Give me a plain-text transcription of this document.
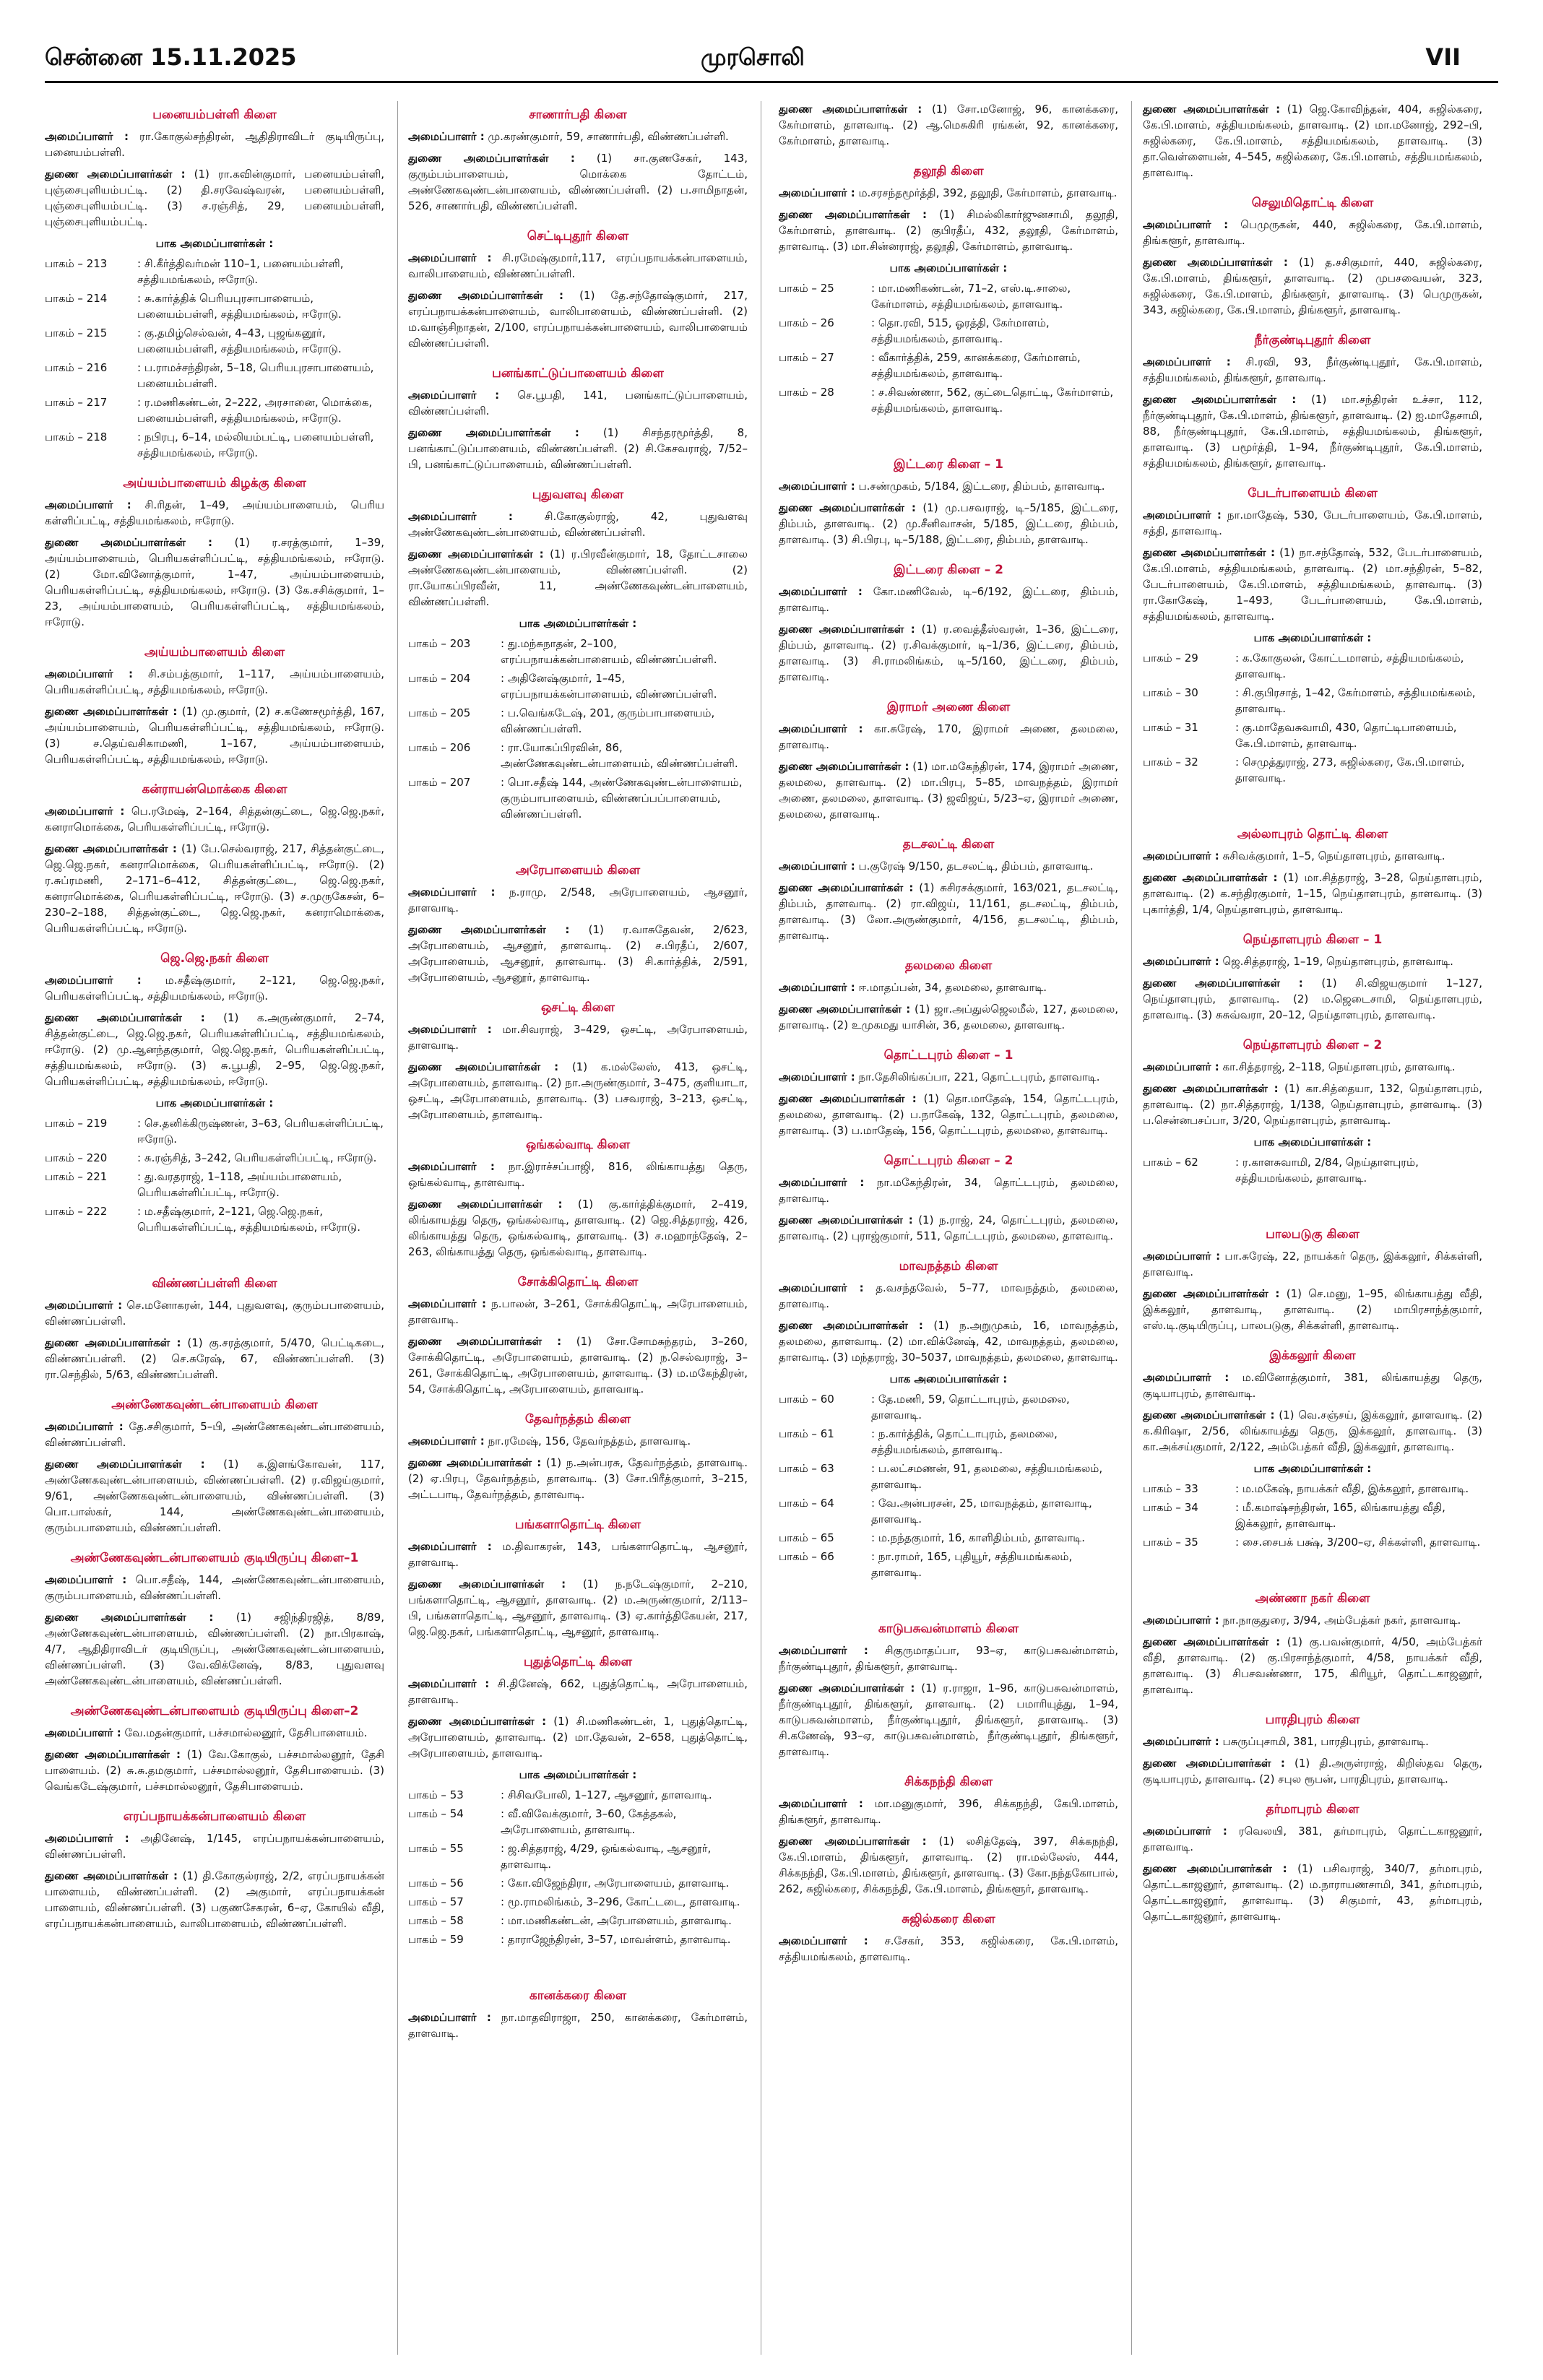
முரசொலி
சென்னை 15.11.2025	VII
பனையம்பள்ளி கிளை
அமைப்பாளர் : ரா.கோகுல்சந்திரன், ஆதிதிராவிடர் குடியிருப்பு, பனையம்பள்ளி.
துணை அமைப்பாளர்கள் : (1) ரா.கவின்குமார், பனையம்பள்ளி, புஞ்சைபுளியம்பட்டி. (2) தி.சரவேஷ்வரன், பனையம்பள்ளி, புஞ்சைபுளியம்பட்டி. (3) ச.ரஞ்சித், 29, பனையம்பள்ளி, புஞ்சைபுளியம்பட்டி.
பாக அமைப்பாளர்கள் :
பாகம் – 213	: சி.கீர்த்திவர்மன் 110–1, பனையம்பள்ளி, சத்தியமங்கலம், ஈரோடு.
பாகம் – 214	: சு.கார்த்திக் பெரியபுரசாபாளையம், பனையம்பள்ளி, சத்தியமங்கலம், ஈரோடு.
பாகம் – 215	: கு.தமிழ்செல்வன், 4–43, புஜங்கனூர், பனையம்பள்ளி, சத்தியமங்கலம், ஈரோடு.
பாகம் – 216	: ப.ராமச்சந்திரன், 5–18, பெரியபுரசாபாளையம், பனையம்பள்ளி.
பாகம் – 217	: ர.மணிகண்டன், 2–222, அரசானை, மொக்கை, பனையம்பள்ளி, சத்தியமங்கலம், ஈரோடு.
பாகம் – 218	: நபிரபு, 6–14, மல்லியம்பட்டி, பனையம்பள்ளி, சத்தியமங்கலம், ஈரோடு.
அய்யம்பாளையம் கிழக்கு கிளை
அமைப்பாளர் : சி.ரிதன், 1–49, அய்யம்பாளையம், பெரிய கள்ளிப்பட்டி, சத்தியமங்கலம், ஈரோடு.
துணை அமைப்பாளர்கள் : (1) ர.சரத்குமார், 1–39, அய்யம்பாளையம், பெரியகள்ளிப்பட்டி, சத்தியமங்கலம், ஈரோடு. (2) மோ.வினோத்குமார், 1–47, அய்யம்பாளையம், பெரியகள்ளிப்பட்டி, சத்தியமங்கலம், ஈரோடு. (3) கே.சசிக்குமார், 1–23, அய்யம்பாளையம், பெரியகள்ளிப்பட்டி, சத்தியமங்கலம், ஈரோடு.
அய்யம்பாளையம் கிளை
அமைப்பாளர் : சி.சம்பத்குமார், 1–117, அய்யம்பாளையம், பெரியகள்ளிப்பட்டி, சத்தியமங்கலம், ஈரோடு.
துணை அமைப்பாளர்கள் : (1) மு.குமார், (2) ச.கணேசமூர்த்தி, 167, அய்யம்பாளையம், பெரியகள்ளிப்பட்டி, சத்தியமங்கலம், ஈரோடு. (3) ச.தெய்வசிகாமணி, 1–167, அய்யம்பாளையம், பெரியகள்ளிப்பட்டி, சத்தியமங்கலம், ஈரோடு.
கன்ராயன்மொக்கை கிளை
அமைப்பாளர் : பெ.ரமேஷ், 2–164, சித்தன்குட்டை, ஜெ.ஜெ.நகர், கனராமொக்கை, பெரியகள்ளிப்பட்டி, ஈரோடு.
துணை அமைப்பாளர்கள் : (1) பே.செல்வராஜ், 217, சித்தன்குட்டை, ஜெ.ஜெ.நகர், கனராமொக்கை, பெரியகள்ளிப்பட்டி, ஈரோடு. (2) ர.சுப்ரமணி, 2–171–6–412, சித்தன்குட்டை, ஜெ.ஜெ.நகர், கனராமொக்கை, பெரியகள்ளிப்பட்டி, ஈரோடு. (3) ச.முருகேசன், 6–230–2–188, சித்தன்குட்டை, ஜெ.ஜெ.நகர், கனராமொக்கை, பெரியகள்ளிப்பட்டி, ஈரோடு.
ஜெ.ஜெ.நகர் கிளை
அமைப்பாளர் : ம.சதீஷ்குமார், 2–121, ஜெ.ஜெ.நகர், பெரியகள்ளிப்பட்டி, சத்தியமங்கலம், ஈரோடு.
துணை அமைப்பாளர்கள் : (1) க.அருண்குமார், 2–74, சித்தன்குட்டை, ஜெ.ஜெ.நகர், பெரியகள்ளிப்பட்டி, சத்தியமங்கலம், ஈரோடு. (2) மு.ஆனந்தகுமார், ஜெ.ஜெ.நகர், பெரியகள்ளிப்பட்டி, சத்தியமங்கலம், ஈரோடு. (3) சு.பூபதி, 2–95, ஜெ.ஜெ.நகர், பெரியகள்ளிப்பட்டி, சத்தியமங்கலம், ஈரோடு.
பாக அமைப்பாளர்கள் :
பாகம் – 219	: செ.தனிக்கிருஷ்ணன், 3–63, பெரியகள்ளிப்பட்டி, ஈரோடு.
பாகம் – 220	: சு.ரஞ்சித், 3–242, பெரியகள்ளிப்பட்டி, ஈரோடு.
பாகம் – 221	: து.வரதராஜ், 1–118, அய்யம்பாளையம், பெரியகள்ளிப்பட்டி, ஈரோடு.
பாகம் – 222	: ம.சதீஷ்குமார், 2–121, ஜெ.ஜெ.நகர், பெரியகள்ளிப்பட்டி, சத்தியமங்கலம், ஈரோடு.
விண்ணப்பள்ளி கிளை
அமைப்பாளர் : செ.மனோகரன், 144, புதுவளவு, குரும்பபாளையம், விண்ணப்பள்ளி.
துணை அமைப்பாளர்கள் : (1) கு.சரத்குமார், 5/470, பெட்டிகடை, விண்ணப்பள்ளி. (2) செ.சுரேஷ், 67, விண்ணப்பள்ளி. (3) ரா.செந்தில், 5/63, விண்ணப்பள்ளி.
அண்ணேகவுண்டன்பாளையம் கிளை
அமைப்பாளர் : தே.சசிகுமார், 5–பி, அண்ணேகவுண்டன்பாளையம், விண்ணப்பள்ளி.
துணை அமைப்பாளர்கள் : (1) க.இளங்கோவன், 117, அண்ணேகவுண்டன்பாளையம், விண்ணப்பள்ளி. (2) ர.விஜய்குமார், 9/61, அண்ணேகவுண்டன்பாளையம், விண்ணப்பள்ளி. (3) பொ.பாஸ்கர், 144, அண்ணேகவுண்டன்பாளையம், குரும்பபாளையம், விண்ணப்பள்ளி.
அண்ணேகவுண்டன்பாளையம் குடியிருப்பு கிளை–1
அமைப்பாளர் : பொ.சதீஷ், 144, அண்ணேகவுண்டன்பாளையம், குரும்பபாளையம், விண்ணப்பள்ளி.
துணை அமைப்பாளர்கள் : (1) சஜிந்திரஜித், 8/89, அண்ணேகவுண்டன்பாளையம், விண்ணப்பள்ளி. (2) நா.பிரகாஷ், 4/7, ஆதிதிராவிடர் குடியிருப்பு, அண்ணேகவுண்டன்பாளையம், விண்ணப்பள்ளி. (3) வே.விக்னேஷ், 8/83, புதுவளவு அண்ணேகவுண்டன்பாளையம், விண்ணப்பள்ளி.
அண்ணேகவுண்டன்பாளையம் குடியிருப்பு கிளை–2
அமைப்பாளர் : வே.மதன்குமார், பச்சமால்லனூர், தேசிபாளையம்.
துணை அமைப்பாளர்கள் : (1) வே.கோகுல், பச்சமால்லனூர், தேசி பாளையம். (2) சு.சு.தமகுமார், பச்சமால்லனூர், தேசிபாளையம். (3) வெங்கடேஷ்குமார், பச்சமால்லனூர், தேசிபாளையம்.
எரப்பநாயக்கன்பாளையம் கிளை
அமைப்பாளர் : அதினேஷ், 1/145, எரப்பநாயக்கன்பாளையம், விண்ணப்பள்ளி.
துணை அமைப்பாளர்கள் : (1) தி.கோகுல்ராஜ், 2/2, எரப்பநாயக்கன் பாளையம், விண்ணப்பள்ளி. (2) அகுமார், எரப்பநாயக்கன் பாளையம், விண்ணப்பள்ளி. (3) பகுணசேகரன், 6–ஏ, கோயில் வீதி, எரப்பநாயக்கன்பாளையம், வாலிபாளையம், விண்ணப்பள்ளி.
சாணார்பதி கிளை
அமைப்பாளர் : மு.கரண்குமார், 59, சாணார்பதி, விண்ணப்பள்ளி.
துணை அமைப்பாளர்கள் : (1) சா.குணசேகர், 143, குரும்பம்பாளையம், மொக்கை தோட்டம், அண்ணேகவுண்டன்பாளையம், விண்ணப்பள்ளி. (2) ப.சாமிநாதன், 526, சாணார்பதி, விண்ணப்பள்ளி.
செட்டிபுதூர் கிளை
அமைப்பாளர் : சி.ரமேஷ்குமார்,117, எரப்பநாயக்கன்பாளையம், வாலிபாளையம், விண்ணப்பள்ளி.
துணை அமைப்பாளர்கள் : (1) தே.சந்தோஷ்குமார், 217, எரப்பநாயக்கன்பாளையம், வாலிபாளையம், விண்ணப்பள்ளி. (2) ம.வாஞ்சிநாதன், 2/100, எரப்பநாயக்கன்பாளையம், வாலிபாளையம் விண்ணப்பள்ளி.
பனங்காட்டுப்பாளையம் கிளை
அமைப்பாளர் : செ.பூபதி, 141, பனங்காட்டுப்பாளையம், விண்ணப்பள்ளி.
துணை அமைப்பாளர்கள் : (1) சிசந்தரமூர்த்தி, 8, பனங்காட்டுப்பாளையம், விண்ணப்பள்ளி. (2) சி.கேசவராஜ், 7/52–பி, பனங்காட்டுப்பாளையம், விண்ணப்பள்ளி.
புதுவளவு கிளை
அமைப்பாளர் :	சி.கோகுல்ராஜ், 42, புதுவளவு அண்ணேகவுண்டன்பாளையம், விண்ணப்பள்ளி.
துணை அமைப்பாளர்கள் : (1) ர.பிரவீன்குமார், 18, தோட்டசாலை அண்ணேகவுண்டன்பாளையம், விண்ணப்பள்ளி. (2) ரா.யோகப்பிரவீன், 11, அண்ணேகவுண்டன்பாளையம், விண்ணப்பள்ளி.
பாக அமைப்பாளர்கள் :
பாகம் – 203	: து.மந்சுநாதன், 2–100, எரப்பநாயக்கன்பாளையம், விண்ணப்பள்ளி.
பாகம் – 204	: அதினேஷ்குமார், 1–45, எரப்பநாயக்கன்பாளையம், விண்ணப்பள்ளி.
பாகம் – 205	: ப.வெங்கடேஷ், 201, குரும்பாபாளையம், விண்ணப்பள்ளி.
பாகம் – 206	: ரா.யோகப்பிரவின், 86, அண்ணேகவுண்டன்பாளையம், விண்ணப்பள்ளி.
பாகம் – 207	: பொ.சதீஷ் 144, அண்ணேகவுண்டன்பாளையம், குரும்பாபாளையம், விண்ணப்பப்பாளையம், விண்ணப்பள்ளி.
அரேபாளையம் கிளை
அமைப்பாளர் : ந.ராமு, 2/548, அரேபாளையம், ஆசனூர், தாளவாடி.
துணை அமைப்பாளர்கள் : (1) ர.வாசுதேவன், 2/623, அரேபாளையம், ஆசனூர், தாளவாடி. (2) ச.பிரதீப், 2/607, அரேபாளையம், ஆசனூர், தாளவாடி. (3) சி.கார்த்திக், 2/591, அரேபாளையம், ஆசனூர், தாளவாடி.
ஒசட்டி கிளை
அமைப்பாளர் : மா.சிவராஜ், 3–429, ஒசட்டி, அரேபாளையம், தாளவாடி.
துணை அமைப்பாளர்கள் : (1) க.மல்லேஸ், 413, ஒசட்டி, அரேபாளையம், தாளவாடி. (2) நா.அருண்குமார், 3–475, குளியாடா, ஒசட்டி, அரேபாளையம், தாளவாடி. (3) பசவராஜ், 3–213, ஒசட்டி, அரேபாளையம், தாளவாடி.
ஒங்கல்வாடி கிளை
அமைப்பாளர் : நா.இராச்சப்பாஜி, 816, லிங்காயத்து தெரு, ஒங்கல்வாடி, தாளவாடி.
துணை அமைப்பாளர்கள் : (1) கு.கார்த்திக்குமார், 2–419, லிங்காயத்து தெரு, ஒங்கல்வாடி, தாளவாடி. (2) ஜெ.சித்தராஜ், 426, லிங்காயத்து தெரு, ஒங்கல்வாடி, தாளவாடி. (3) ச.மஹாந்தேஷ், 2–263, லிங்காயத்து தெரு, ஒங்கல்வாடி, தாளவாடி.
சோக்கிதொட்டி கிளை
அமைப்பாளர் : ந.பாலன், 3–261, சோக்கிதொட்டி, அரேபாளையம், தாளவாடி.
துணை அமைப்பாளர்கள் : (1) சோ.சோமசுந்தரம், 3–260, சோக்கிதொட்டி, அரேபாளையம், தாளவாடி. (2) ந.செல்வராஜ், 3–261, சோக்கிதொட்டி, அரேபாளையம், தாளவாடி. (3) ம.மகேந்திரன், 54, சோக்கிதொட்டி, அரேபாளையம், தாளவாடி.
தேவர்நத்தம் கிளை
அமைப்பாளர் : நா.ரமேஷ், 156, தேவர்நத்தம், தாளவாடி.
துணை அமைப்பாளர்கள் : (1) ந.அன்பரசு, தேவர்நத்தம், தாளவாடி. (2) ஏ.பிரபு, தேவர்நத்தம், தாளவாடி. (3) சோ.பிரீத்குமார், 3–215, அட்டபாடி, தேவர்நத்தம், தாளவாடி.
பங்களாதொட்டி கிளை
அமைப்பாளர் : ம.திவாகரன், 143, பங்களாதொட்டி, ஆசனூர், தாளவாடி.
துணை அமைப்பாளர்கள் : (1) ந.நடேஷ்குமார், 2–210, பங்களாதொட்டி, ஆசனூர், தாளவாடி. (2) ம.அருண்குமார், 2/113–பி, பங்களாதொட்டி, ஆசனூர், தாளவாடி. (3) ஏ.கார்த்திகேயன், 217, ஜெ.ஜெ.நகர், பங்களாதொட்டி, ஆசனூர், தாளவாடி.
புதுத்தொட்டி கிளை
அமைப்பாளர் : சி.தினேஷ், 662, புதுத்தொட்டி, அரேபாளையம், தாளவாடி.
துணை அமைப்பாளர்கள் : (1) சி.மணிகண்டன், 1, புதுத்தொட்டி, அரேபாளையம், தாளவாடி. (2) மா.தேவன், 2–658, புதுத்தொட்டி, அரேபாளையம், தாளவாடி.
பாக அமைப்பாளர்கள் :
பாகம் – 53	: சிசிவபோலி, 1–127, ஆசனூர், தாளவாடி.
பாகம் – 54	: வீ.விவேக்குமார், 3–60, கேத்தகல், அரேபாளையம், தாளவாடி.
பாகம் – 55	: ஜ.சித்தராஜ், 4/29, ஒங்கல்வாடி, ஆசனூர், தாளவாடி.
பாகம் – 56	: கோ.விஜேந்திரா, அரேபாளையம், தாளவாடி.
பாகம் – 57	: மூ.ராமலிங்கம், 3–296, கோட்டடை, தாளவாடி.
பாகம் – 58	: மா.மணிகண்டன், அரேபாளையம், தாளவாடி.
பாகம் – 59	: தாராஜேந்திரன், 3–57, மாவள்ளம், தாளவாடி.
கானக்கரை கிளை
அமைப்பாளர் : நா.மாதவிராஜா, 250, கானக்கரை, கேர்மாளம், தாளவாடி.
துணை அமைப்பாளர்கள் : (1) சோ.மனோஜ், 96, கானக்கரை, கேர்மாளம், தாளவாடி. (2) ஆ.மெசுகிரி ரங்கன், 92, கானக்கரை, கேர்மாளம், தாளவாடி.
தலூதி கிளை
அமைப்பாளர் : ம.சரசந்தமூர்த்தி, 392, தலூதி, கேர்மாளம், தாளவாடி.
துணை அமைப்பாளர்கள் : (1) சிமல்லிகார்ஜுனசாமி, தலூதி, கேர்மாளம், தாளவாடி. (2) குபிரதீப், 432, தலூதி, கேர்மாளம், தாளவாடி. (3) மா.சின்னராஜ், தலூதி, கேர்மாளம், தாளவாடி.
பாக அமைப்பாளர்கள் :
பாகம் – 25	: மா.மணிகண்டன், 71–2, எஸ்.டி.சாலை, கேர்மாளம், சத்தியமங்கலம், தாளவாடி.
பாகம் – 26	: தொ.ரவி, 515, ஓரத்தி, கேர்மாளம், சத்தியமங்கலம், தாளவாடி.
பாகம் – 27	: வீகார்த்திக், 259, கானக்கரை, கேர்மாளம், சத்தியமங்கலம், தாளவாடி.
பாகம் – 28	: ச.சிவண்ணா, 562, குட்டைதொட்டி, கேர்மாளம், சத்தியமங்கலம், தாளவாடி.
இட்டரை கிளை – 1
அமைப்பாளர் : ப.சண்முகம், 5/184, இட்டரை, திம்பம், தாளவாடி.
துணை அமைப்பாளர்கள் : (1) மு.பசவராஜ், டி–5/185, இட்டரை, திம்பம், தாளவாடி. (2) மு.சீனிவாசன், 5/185, இட்டரை, திம்பம், தாளவாடி. (3) சி.பிரபு, டி–5/188, இட்டரை, திம்பம், தாளவாடி.
இட்டரை கிளை – 2
அமைப்பாளர் : கோ.மணிவேல், டி–6/192, இட்டரை, திம்பம், தாளவாடி.
துணை அமைப்பாளர்கள் : (1) ர.வைத்தீஸ்வரன், 1–36, இட்டரை, திம்பம், தாளவாடி. (2) ர.சிவக்குமார், டி–1/36, இட்டரை, திம்பம், தாளவாடி. (3) சி.ராமலிங்கம், டி–5/160, இட்டரை, திம்பம், தாளவாடி.
இராமர் அணை கிளை
அமைப்பாளர் : கா.சுரேஷ், 170, இராமர் அணை, தலமலை, தாளவாடி.
துணை அமைப்பாளர்கள் : (1) மா.மகேந்திரன், 174, இராமர் அணை, தலமலை, தாளவாடி. (2) மா.பிரபு, 5–85, மாவநத்தம், இராமர் அணை, தலமலை, தாளவாடி. (3) ஜவிஜய், 5/23–ஏ, இராமர் அணை, தலமலை, தாளவாடி.
தடசலட்டி கிளை
அமைப்பாளர் : ப.குரேஷ் 9/150, தடசலட்டி, திம்பம், தாளவாடி.
துணை அமைப்பாளர்கள் : (1) சுசிரசக்குமார், 163/021, தடசலட்டி, திம்பம், தாளவாடி. (2) ரா.விஜய், 11/161, தடசலட்டி, திம்பம், தாளவாடி. (3) லோ.அருண்குமார், 4/156, தடசலட்டி, திம்பம், தாளவாடி.
தலமலை கிளை
அமைப்பாளர் : ஈ.மாதப்பன், 34, தலமலை, தாளவாடி.
துணை அமைப்பாளர்கள் : (1) ஜா.அப்துல்ஜெலமீல், 127, தலமலை, தாளவாடி. (2) உமுகமது யாசின், 36, தலமலை, தாளவாடி.
தொட்டபுரம் கிளை – 1
அமைப்பாளர் : நா.தேசிலிங்கப்பா, 221, தொட்டபுரம், தாளவாடி.
துணை அமைப்பாளர்கள் : (1) தொ.மாதேஷ், 154, தொட்டபுரம், தலமலை, தாளவாடி. (2) ப.நாகேஷ், 132, தொட்டபுரம், தலமலை, தாளவாடி. (3) ப.மாதேஷ், 156, தொட்டபுரம், தலமலை, தாளவாடி.
தொட்டபுரம் கிளை – 2
அமைப்பாளர் : நா.மகேந்திரன், 34, தொட்டபுரம், தலமலை, தாளவாடி.
துணை அமைப்பாளர்கள் : (1) ந.ராஜ், 24, தொட்டபுரம், தலமலை, தாளவாடி. (2) புராஜ்குமார், 511, தொட்டபுரம், தலமலை, தாளவாடி.
மாவநத்தம் கிளை
அமைப்பாளர் : த.வசந்தவேல், 5–77, மாவநத்தம், தலமலை, தாளவாடி.
துணை அமைப்பாளர்கள் : (1) ந.அறுமுகம், 16, மாவநத்தம், தலமலை, தாளவாடி. (2) மா.விக்னேஷ், 42, மாவநத்தம், தலமலை, தாளவாடி. (3) மந்தராஜ், 30–5037, மாவநத்தம், தலமலை, தாளவாடி.
பாக அமைப்பாளர்கள் :
பாகம் – 60	: தே.மணி, 59, தொட்டாபுரம், தலமலை, தாளவாடி.
பாகம் – 61	: ந.கார்த்திக், தொட்டாபுரம், தலமலை, சத்தியமங்கலம், தாளவாடி.
பாகம் – 63	: ப.லட்சமணன், 91, தலமலை, சத்தியமங்கலம், தாளவாடி.
பாகம் – 64	: வே.அன்பரசன், 25, மாவநத்தம், தாளவாடி, தாளவாடி.
பாகம் – 65	: ம.நந்தகுமார், 16, காளிதிம்பம், தாளவாடி.
பாகம் – 66	: நா.ராமர், 165, புதியூர், சத்தியமங்கலம், தாளவாடி.
காடுபசுவன்மாளம் கிளை
அமைப்பாளர் : சிகுருமாதப்பா, 93–ஏ, காடுபசுவன்மாளம், நீர்குண்டிபுதூர், திங்களூர், தாளவாடி.
துணை அமைப்பாளர்கள் : (1) ர.ராஜா, 1–96, காடுபசுவன்மாளம், நீர்குண்டிபுதூர், திங்களூர், தாளவாடி. (2) பமாரியுத்து, 1–94, காடுபசுவன்மாளம், நீர்குண்டிபுதூர், திங்களூர், தாளவாடி. (3) சி.கணேஷ், 93–ஏ, காடுபசுவன்மாளம், நீர்குண்டிபுதூர், திங்களூர், தாளவாடி.
சிக்கநந்தி கிளை
அமைப்பாளர் : மா.மனுகுமார், 396, சிக்கநந்தி, கேபி.மாளம், திங்களூர், தாளவாடி.
துணை அமைப்பாளர்கள் : (1) லசித்தேஷ், 397, சிக்கநந்தி, கே.பி.மாளம், திங்களூர், தாளவாடி. (2) ரா.மல்லேஸ், 444, சிக்கநந்தி, கே.பி.மாளம், திங்களூர், தாளவாடி. (3) கோ.நந்தகோபால், 262, சுஜில்கரை, சிக்கநந்தி, கே.பி.மாளம், திங்களூர், தாளவாடி.
சுஜில்கரை கிளை
அமைப்பாளர் : ச.சேகர், 353, சுஜில்கரை, கே.பி.மாளம், சத்தியமங்கலம், தாளவாடி.
துணை அமைப்பாளர்கள் : (1) ஜெ.கோவிந்தன், 404, சுஜில்கரை, கே.பி.மாளம், சத்தியமங்கலம், தாளவாடி. (2) மா.மனோஜ், 292–பி, சுஜில்கரை, கே.பி.மாளம், சத்தியமங்கலம், தாளவாடி. (3) தா.வெள்ளையன், 4–545, சுஜில்கரை, கே.பி.மாளம், சத்தியமங்கலம், தாளவாடி.
செலுமிதொட்டி கிளை
அமைப்பாளர் : பெமுருகன், 440, சுஜில்கரை, கே.பி.மாளம், திங்களூர், தாளவாடி.
துணை அமைப்பாளர்கள் : (1) த.சசிகுமார், 440, சுஜில்கரை, கே.பி.மாளம், திங்களூர், தாளவாடி. (2) முபசவையன், 323, சுஜில்கரை, கே.பி.மாளம், திங்களூர், தாளவாடி. (3) பெமுருகன், 343, சுஜில்கரை, கே.பி.மாளம், திங்களூர், தாளவாடி.
நீர்குண்டிபுதூர் கிளை
அமைப்பாளர் : சி.ரவி, 93, நீர்குண்டிபுதூர், கே.பி.மாளம், சத்தியமங்கலம், திங்களூர், தாளவாடி.
துணை அமைப்பாளர்கள் : (1) மா.சந்திரன் உச்சா, 112, நீர்குண்டிபுதூர், கே.பி.மாளம், திங்களூர், தாளவாடி. (2) ஐ.மாதேசாமி, 88, நீர்குண்டிபுதூர், கே.பி.மாளம், சத்தியமங்கலம், திங்களூர், தாளவாடி. (3) பமூர்த்தி, 1–94, நீர்குண்டிபுதூர், கே.பி.மாளம், சத்தியமங்கலம், திங்களூர், தாளவாடி.
பேடர்பாளையம் கிளை
அமைப்பாளர் : நா.மாதேஷ், 530, பேடர்பாளையம், கே.பி.மாளம், சத்தி, தாளவாடி.
துணை அமைப்பாளர்கள் : (1) நா.சந்தோஷ், 532, பேடர்பாளையம், கே.பி.மாளம், சத்தியமங்கலம், தாளவாடி. (2) மா.சந்திரன், 5–82, பேடர்பாளையம், கே.பி.மாளம், சத்தியமங்கலம், தாளவாடி. (3) ரா.கோகேஷ், 1–493, பேடர்பாளையம், கே.பி.மாளம், சத்தியமங்கலம், தாளவாடி.
பாக அமைப்பாளர்கள் :
பாகம் – 29	: க.கோகுலன், கோட்டமாளம், சத்தியமங்கலம், தாளவாடி.
பாகம் – 30	: சி.குபிரசாத், 1–42, கேர்மாளம், சத்தியமங்கலம், தாளவாடி.
பாகம் – 31	: கு.மாதேவசுவாமி, 430, தொட்டிபாளையம், கே.பி.மாளம், தாளவாடி.
பாகம் – 32	: செமுத்துராஜ், 273, சுஜில்கரை, கே.பி.மாளம், தாளவாடி.
அல்லாபுரம் தொட்டி கிளை
அமைப்பாளர் : சுசிவக்குமார், 1–5, நெய்தாளபுரம், தாளவாடி.
துணை அமைப்பாளர்கள் : (1) மா.சித்தராஜ், 3–28, நெய்தாளபுரம், தாளவாடி. (2) க.சந்திரகுமார், 1–15, நெய்தாளபுரம், தாளவாடி. (3) புகார்த்தி, 1/4, நெய்தாளபுரம், தாளவாடி.
நெய்தாளபுரம் கிளை – 1
அமைப்பாளர் : ஜெ.சித்தராஜ், 1–19, நெய்தாளபுரம், தாளவாடி.
துணை அமைப்பாளர்கள் : (1) சி.விஜயகுமார் 1–127, நெய்தாளபுரம், தாளவாடி. (2) ம.ஜெடைசாமி, நெய்தாளபுரம், தாளவாடி. (3) சுசுவ்வரா, 20–12, நெய்தாளபுரம், தாளவாடி.
நெய்தாளபுரம் கிளை – 2
அமைப்பாளர் : கா.சித்தராஜ், 2–118, நெய்தாளபுரம், தாளவாடி.
துணை அமைப்பாளர்கள் : (1) கா.சித்தையா, 132, நெய்தாளபுரம், தாளவாடி. (2) நா.சித்தராஜ், 1/138, நெய்தாளபுரம், தாளவாடி. (3) ப.சென்னபசப்பா, 3/20, நெய்தாளபுரம், தாளவாடி.
பாக அமைப்பாளர்கள் :
பாகம் – 62	: ர.காளசுவாமி, 2/84, நெய்தாளபுரம், சத்தியமங்கலம், தாளவாடி.
பாலபடுகு கிளை
அமைப்பாளர் : பா.சுரேஷ், 22, நாயக்கர் தெரு, இக்கலூர், சிக்கள்ளி, தாளவாடி.
துணை அமைப்பாளர்கள் : (1) செ.மனு, 1–95, லிங்காயத்து வீதி, இக்கலூர், தாளவாடி, தாளவாடி. (2) மாபிரசாந்த்குமார், எஸ்.டி.குடியிருப்பு, பாலபடுகு, சிக்கள்ளி, தாளவாடி.
இக்கலூர் கிளை
அமைப்பாளர் : ம.வினோத்குமார், 381, லிங்காயத்து தெரு, குடியாபுரம், தாளவாடி.
துணை அமைப்பாளர்கள் : (1) வெ.சஞ்சய், இக்கலூர், தாளவாடி. (2) க.கிரிஷா, 2/56, லிங்காயத்து தெரு, இக்கலூர், தாளவாடி. (3) கா.அக்சய்குமார், 2/122, அம்பேத்கர் வீதி, இக்கலூர், தாளவாடி.
பாக அமைப்பாளர்கள் :
பாகம் – 33	: ம.மகேஷ், நாயக்கர் வீதி, இக்கலூர், தாளவாடி.
பாகம் – 34	: மீ.கமாஷ்சந்திரன், 165, லிங்காயத்து வீதி, இக்கலூர், தாளவாடி.
பாகம் – 35	: சை.சைபக் பக்ஷ், 3/200–ஏ, சிக்கள்ளி, தாளவாடி.
அண்ணா நகர் கிளை
அமைப்பாளர் : நா.நாகுதுரை, 3/94, அம்பேத்கர் நகர், தாளவாடி.
துணை அமைப்பாளர்கள் : (1) கு.பவன்குமார், 4/50, அம்பேத்கர் வீதி, தாளவாடி. (2) கு.பிரசாந்த்குமார், 4/58, நாயக்கர் வீதி, தாளவாடி. (3) சிபசவண்ணா, 175, கிரியூர், தொட்டகாஜனூர், தாளவாடி.
பாரதிபுரம் கிளை
அமைப்பாளர் : பசுருப்புசாமி, 381, பாரதிபுரம், தாளவாடி.
துணை அமைப்பாளர்கள் : (1) தி.அருள்ராஜ், கிறிஸ்தவ தெரு, குடியாபுரம், தாளவாடி. (2) சபுல ரூபன், பாரதிபுரம், தாளவாடி.
தர்மாபுரம் கிளை
அமைப்பாளர் : ரவெலயி, 381, தர்மாபுரம், தொட்டகாஜனூர், தாளவாடி.
துணை அமைப்பாளர்கள் : (1) பசிவராஜ், 340/7, தர்மாபுரம், தொட்டகாஜனூர், தாளவாடி. (2) ம.நாராயணசாமி, 341, தர்மாபுரம், தொட்டகாஜனூர், தாளவாடி. (3) சிகுமார், 43, தர்மாபுரம், தொட்டகாஜனூர், தாளவாடி.
